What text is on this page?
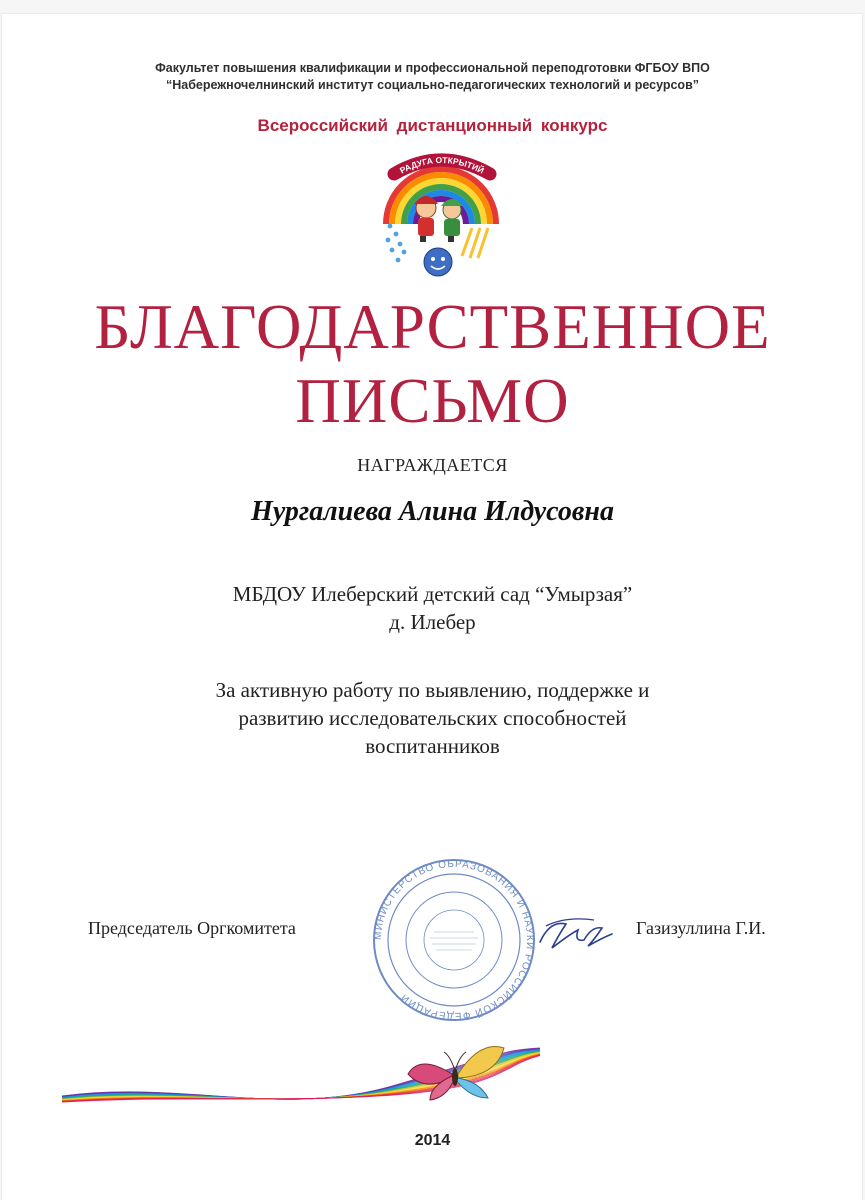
Факультет повышения квалификации и профессиональной переподготовки ФГБОУ ВПО
“Набережночелнинский институт социально-педагогических технологий и ресурсов”
Всероссийский дистанционный конкурс
РАДУГА ОТКРЫТИЙ
БЛАГОДАРСТВЕННОЕ
ПИСЬМО
НАГРАЖДАЕТСЯ
Нургалиева Алина Илдусовна
МБДОУ Илеберский детский сад “Умырзая”
д. Илебер
За активную работу по выявлению, поддержке и
развитию исследовательских способностей
воспитанников
Председатель Оргкомитета	МИНИСТЕРСТВО ОБРАЗОВАНИЯ И НАУКИ РОССИЙСКОЙ ФЕДЕРАЦИИ
Газизуллина Г.И.
2014
